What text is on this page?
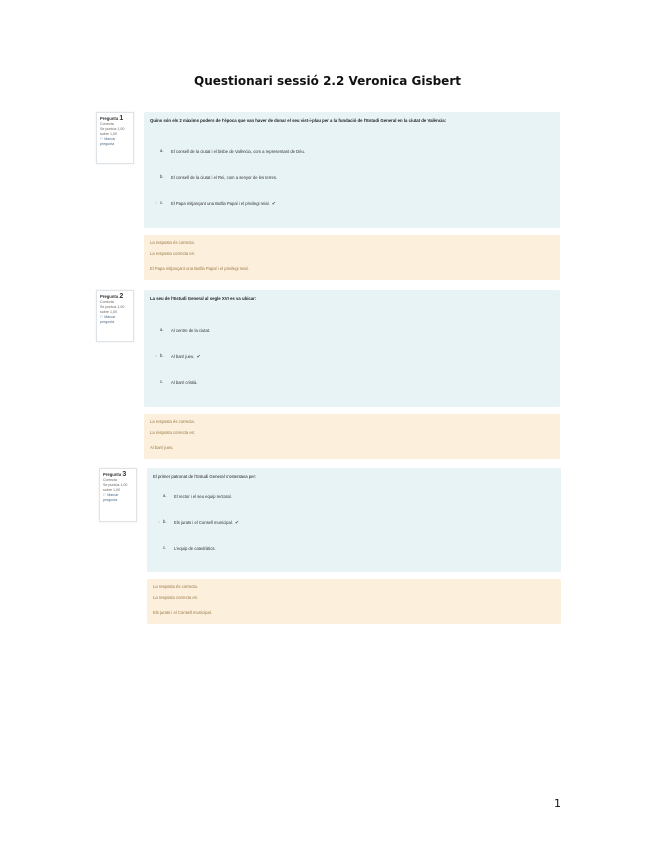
Questionari sessió 2.2 Veronica Gisbert
Pregunta 1
Correcta
Se puntúa 1,00 sobre 1,00
⚐ Marcar pregunta
Quins són els 2 màxims poders de l’època que van haver de donar el seu vist-i-plau per a la fundació de l’Estudi General en la ciutat de València:
a. El consell de la ciutat i el bisbe de València, com a representant de Déu.
b. El consell de la ciutat i el Rei, com a senyor de les terres.
○ c. El Papa mitjançant una Butlla Papal i el privilegi reial. ✔
La resposta és correcta.
La resposta correcta es:
El Papa mitjançant una Butlla Papal i el privilegi reial.
Pregunta 2
Correcta
Se puntúa 1,00 sobre 1,00
⚐ Marcar pregunta
La seu de l’Estudi General al segle XVI es va ubicar:
a. Al centre de la ciutat.
○ b. Al barri jueu. ✔
c. Al barri cristià.
La resposta és correcta.
La resposta correcta es:
Al barri jueu.
Pregunta 3
Correcta
Se puntúa 1,00 sobre 1,00
⚐ Marcar pregunta
El primer patronat de l’Estudi General s’ostentava per:
a. El rector i el seu equip rectoral.
○ b. Els jurats i el Consell municipal. ✔
c. L’equip de catedràtics.
La resposta és correcta.
La resposta correcta es:
Els jurats i el Consell municipal.
1
